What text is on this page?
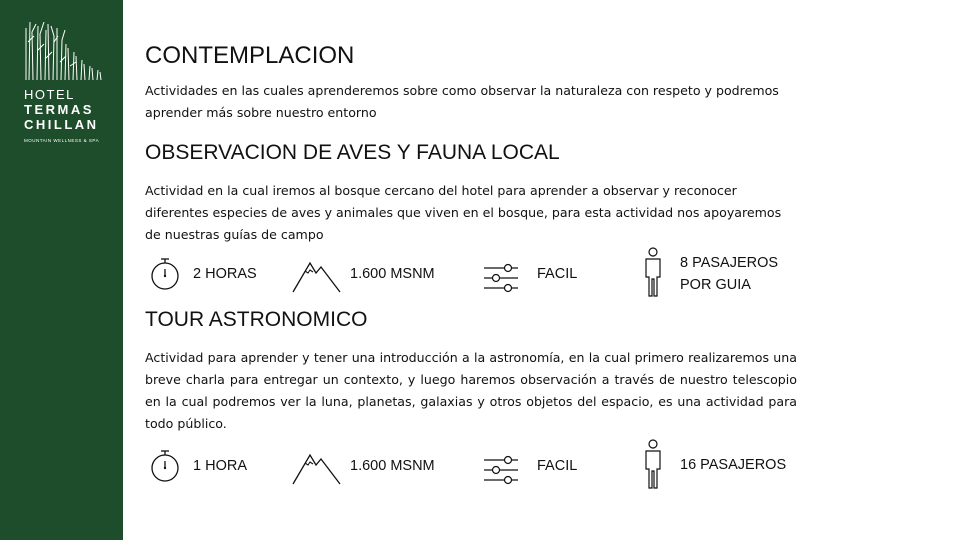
HOTEL
TERMAS
CHILLAN
MOUNTAIN WELLNESS & SPA
CONTEMPLACION
Actividades en las cuales aprenderemos sobre como observar la naturaleza con respeto y podremos aprender más sobre nuestro entorno
OBSERVACION DE AVES Y FAUNA LOCAL
Actividad en la cual iremos al bosque cercano del hotel para aprender a observar y reconocer diferentes especies de aves y animales que viven en el bosque, para esta actividad nos apoyaremos de nuestras guías de campo
2 HORAS	1.600 MSNM	FACIL
8 PASAJEROS
POR GUIA
TOUR ASTRONOMICO
Actividad para aprender y tener una introducción a la astronomía, en la cual primero realizaremos una breve charla para entregar un contexto, y luego haremos observación a través de nuestro telescopio en la cual podremos ver la luna, planetas, galaxias y otros objetos del espacio, es una actividad para todo público.
1 HORA	1.600 MSNM	FACIL	16 PASAJEROS
